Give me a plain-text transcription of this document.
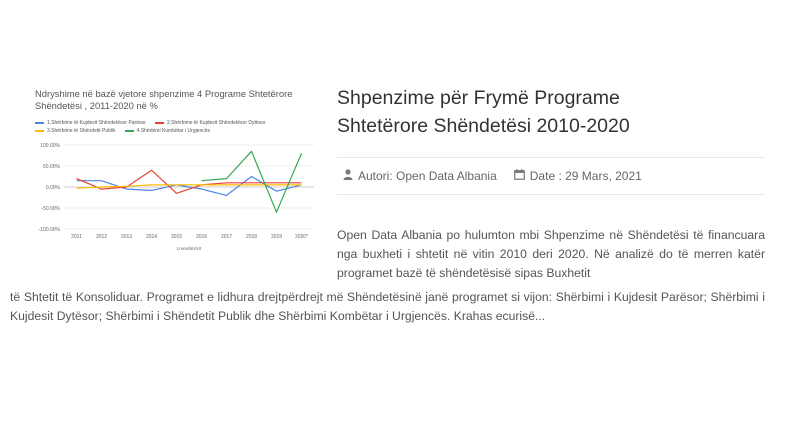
Ndryshime në bazë vjetore shpenzime 4 Programe Shtetërore Shëndetësi , 2011-2020 në %
1.Shërbime të Kujdesit Shëndetësor Parësor	2.Shërbime të Kujdesit Shëndetësor Dytësor
3.Shërbime të Shëndetit Publik	4.Shërbimi Kombëtar i Urgjencës
100.00%
50.00%
0.00%
-50.00%
-100.00%
2011	2012	2013	2014	2015	2016	2017	2018	2019	2020*
Lmerdim/Vit
Shpenzime për Frymë Programe
Shtetërore Shëndetësi 2010-2020
Autori: Open Data Albania	Date : 29 Mars, 2021

Open Data Albania po hulumton mbi Shpenzime në Shëndetësi të financuara nga buxheti i shtetit në vitin 2010 deri 2020. Në analizë do të merren katër programet bazë të shëndetësisë sipas Buxhetit

të Shtetit të Konsoliduar. Programet e lidhura drejtpërdrejt më Shëndetësinë janë programet si vijon: Shërbimi i Kujdesit Parësor; Shërbimi i Kujdesit Dytësor; Shërbimi i Shëndetit Publik dhe Shërbimi Kombëtar i Urgjencës. Krahas ecurisë...
